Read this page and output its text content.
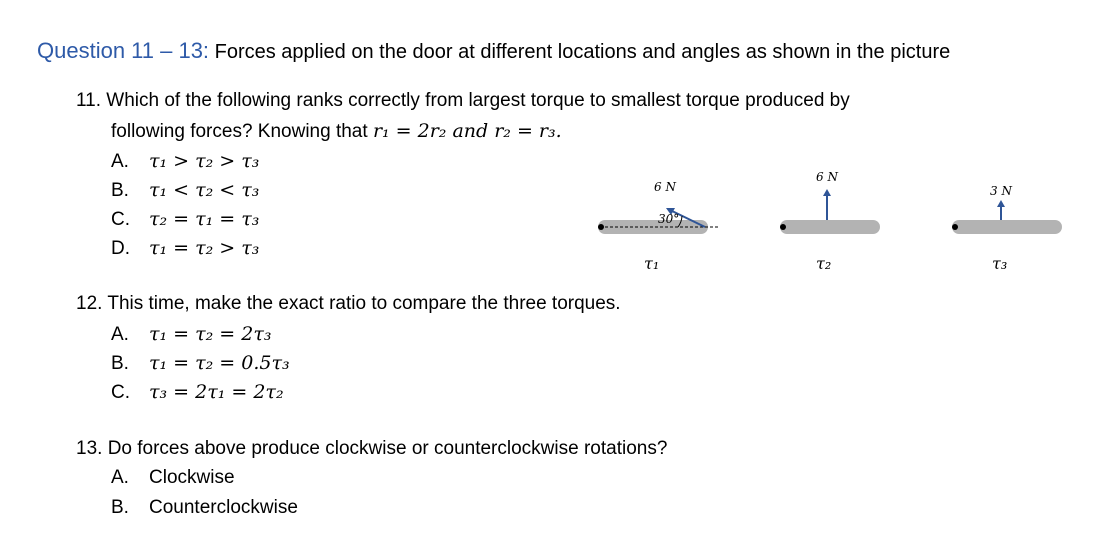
Question 11 – 13: Forces applied on the door at different locations and angles as shown in the picture
11. Which of the following ranks correctly from largest torque to smallest torque produced by
following forces? Knowing that r₁ = 2r₂ and r₂ = r₃.
A. τ₁ > τ₂ > τ₃
B. τ₁ < τ₂ < τ₃
C. τ₂ = τ₁ = τ₃
D. τ₁ = τ₂ > τ₃
6 N
30°
τ₁
6 N
τ₂
3 N
τ₃
12. This time, make the exact ratio to compare the three torques.
A. τ₁ = τ₂ = 2τ₃
B. τ₁ = τ₂ = 0.5τ₃
C. τ₃ = 2τ₁ = 2τ₂
13. Do forces above produce clockwise or counterclockwise rotations?
A. Clockwise
B. Counterclockwise
